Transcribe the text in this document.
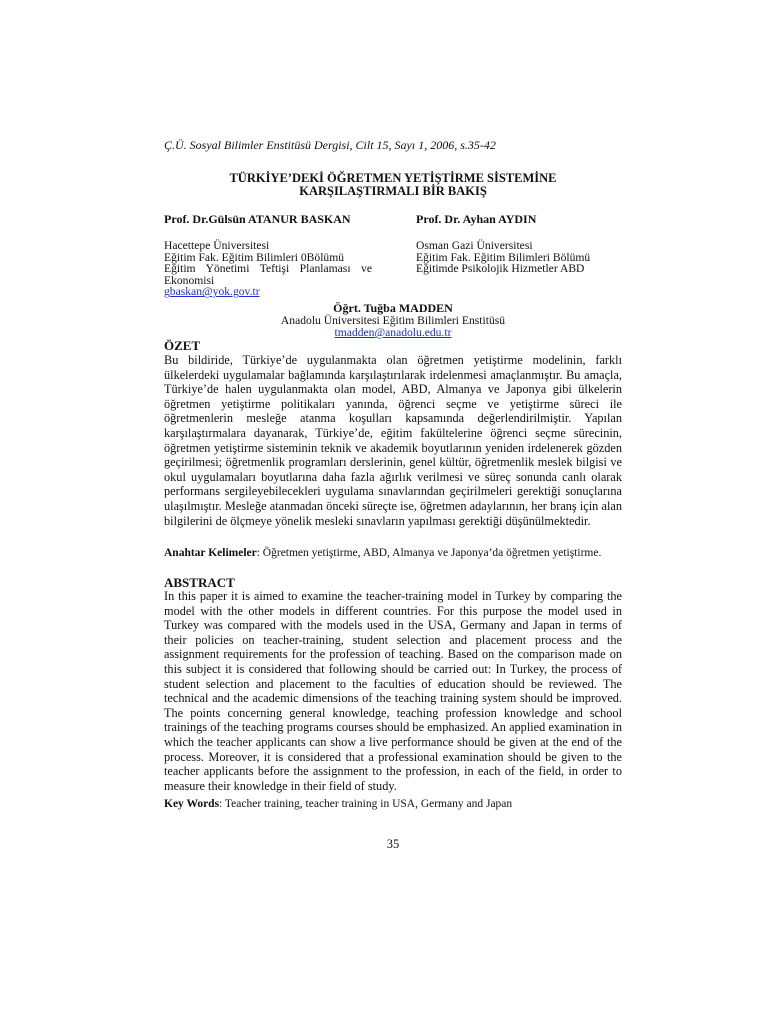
Ç.Ü. Sosyal Bilimler Enstitüsü Dergisi, Cilt 15, Sayı 1, 2006, s.35-42
TÜRKİYE’DEKİ ÖĞRETMEN YETİŞTİRME SİSTEMİNE
KARŞILAŞTIRMALI BİR BAKIŞ
Prof. Dr.Gülsün ATANUR BASKAN	Prof. Dr. Ayhan AYDIN
Hacettepe Üniversitesi
Eğitim Fak. Eğitim Bilimleri 0Bölümü
Eğitim Yönetimi Teftişi Planlaması ve Ekonomisi
gbaskan@yok.gov.tr
Osman Gazi Üniversitesi
Eğitim Fak. Eğitim Bilimleri Bölümü
Eğitimde Psikolojik Hizmetler ABD
Öğrt. Tuğba MADDEN
Anadolu Üniversitesi Eğitim Bilimleri Enstitüsü
tmadden@anadolu.edu.tr
ÖZET
Bu bildiride, Türkiye’de uygulanmakta olan öğretmen yetiştirme modelinin, farklı ülkelerdeki uygulamalar bağlamında karşılaştırılarak irdelenmesi amaçlanmıştır. Bu amaçla, Türkiye’de halen uygulanmakta olan model, ABD, Almanya ve Japonya gibi ülkelerin öğretmen yetiştirme politikaları yanında, öğrenci seçme ve yetiştirme süreci ile öğretmenlerin mesleğe atanma koşulları kapsamında değerlendirilmiştir. Yapılan karşılaştırmalara dayanarak, Türkiye’de, eğitim fakültelerine öğrenci seçme sürecinin, öğretmen yetiştirme sisteminin teknik ve akademik boyutlarının yeniden irdelenerek gözden geçirilmesi; öğretmenlik programları derslerinin, genel kültür, öğretmenlik meslek bilgisi ve okul uygulamaları boyutlarına daha fazla ağırlık verilmesi ve süreç sonunda canlı olarak performans sergileyebilecekleri uygulama sınavlarından geçirilmeleri gerektiği sonuçlarına ulaşılmıştır. Mesleğe atanmadan önceki süreçte ise, öğretmen adaylarının, her branş için alan bilgilerini de ölçmeye yönelik mesleki sınavların yapılması gerektiği düşünülmektedir.
Anahtar Kelimeler: Öğretmen yetiştirme, ABD, Almanya ve Japonya’da öğretmen yetiştirme.
ABSTRACT
In this paper it is aimed to examine the teacher-training model in Turkey by comparing the model with the other models in different countries. For this purpose the model used in Turkey was compared with the models used in the USA, Germany and Japan in terms of their policies on teacher-training, student selection and placement process and the assignment requirements for the profession of teaching. Based on the comparison made on this subject it is considered that following should be carried out: In Turkey, the process of student selection and placement to the faculties of education should be reviewed. The technical and the academic dimensions of the teaching training system should be improved. The points concerning general knowledge, teaching profession knowledge and school trainings of the teaching programs courses should be emphasized. An applied examination in which the teacher applicants can show a live performance should be given at the end of the process. Moreover, it is considered that a professional examination should be given to the teacher applicants before the assignment to the profession, in each of the field, in order to measure their knowledge in their field of study.
Key Words: Teacher training, teacher training in USA, Germany and Japan
35
